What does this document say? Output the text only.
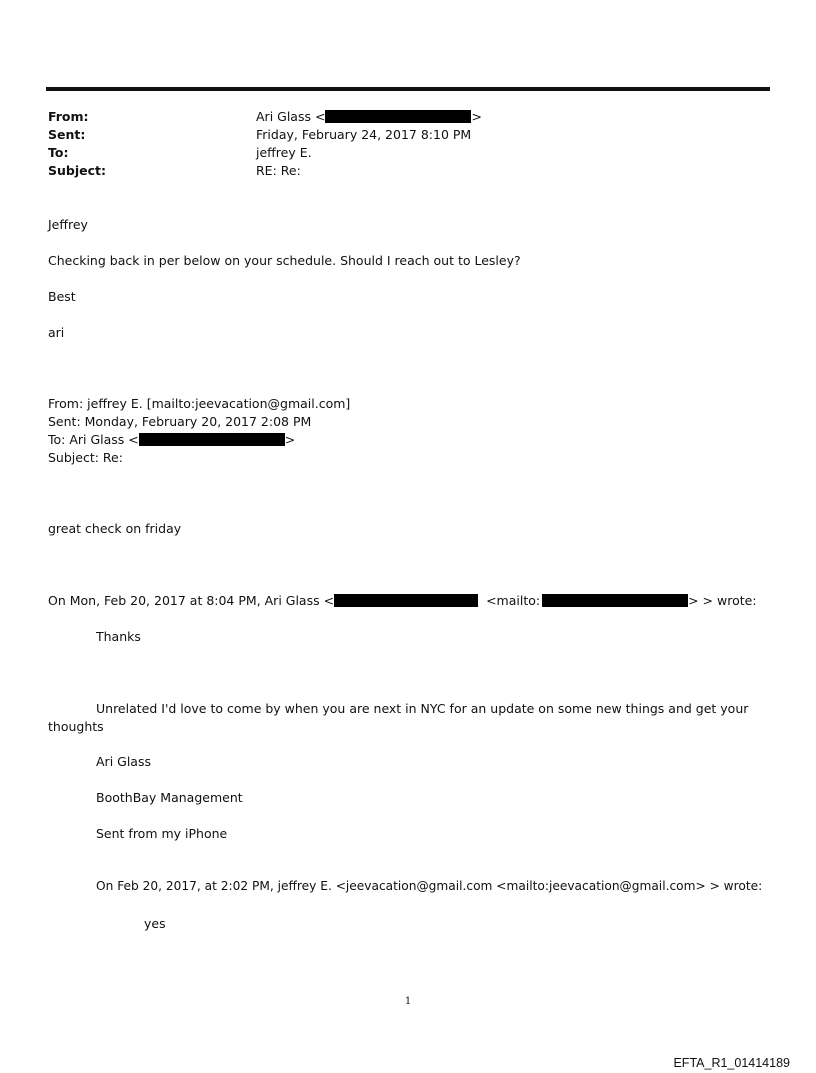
From:	Ari Glass <	>
Sent:	Friday, February 24, 2017 8:10 PM
To:	jeffrey E.
Subject:	RE: Re:
Jeffrey
Checking back in per below on your schedule. Should I reach out to Lesley?
Best
ari
From: jeffrey E. [mailto:jeevacation@gmail.com]
Sent: Monday, February 20, 2017 2:08 PM
To: Ari Glass <	>
Subject: Re:
great check on friday
On Mon, Feb 20, 2017 at 8:04 PM, Ari Glass <	<mailto:	> > wrote:
Thanks
Unrelated I'd love to come by when you are next in NYC for an update on some new things and get your
thoughts
Ari Glass
BoothBay Management
Sent from my iPhone
On Feb 20, 2017, at 2:02 PM, jeffrey E. <jeevacation@gmail.com <mailto:jeevacation@gmail.com> > wrote:
yes
1
EFTA_R1_01414189
